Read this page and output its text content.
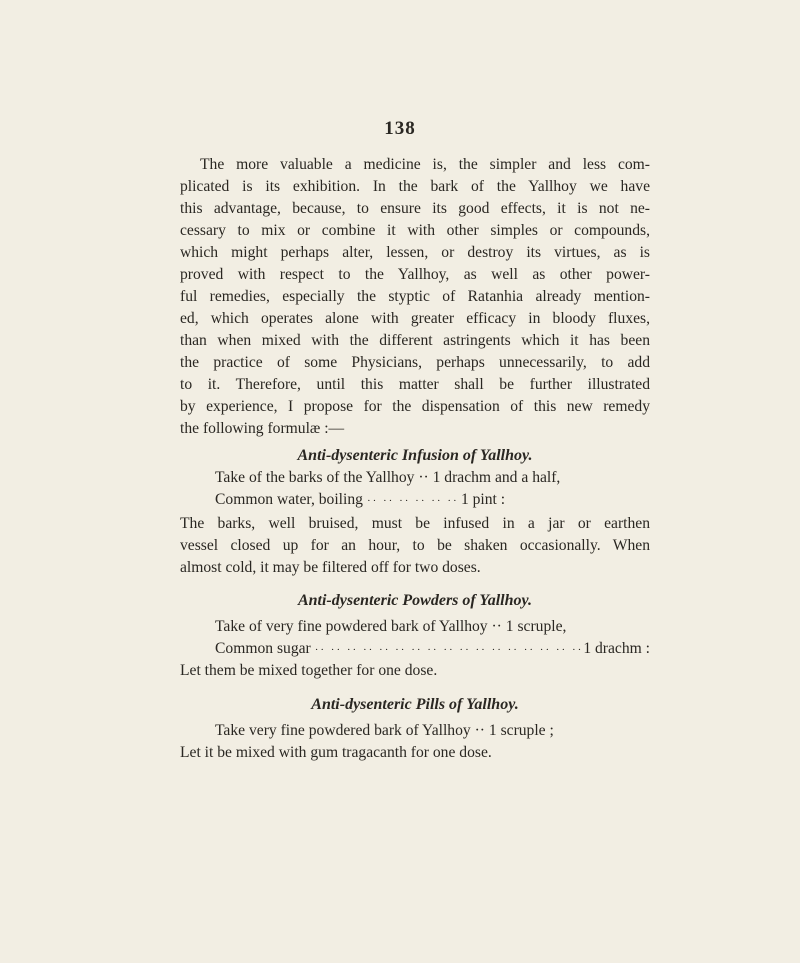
138
The more valuable a medicine is, the simpler and less com-
plicated is its exhibition. In the bark of the Yallhoy we have
this advantage, because, to ensure its good effects, it is not ne-
cessary to mix or combine it with other simples or compounds,
which might perhaps alter, lessen, or destroy its virtues, as is
proved with respect to the Yallhoy, as well as other power-
ful remedies, especially the styptic of Ratanhia already mention-
ed, which operates alone with greater efficacy in bloody fluxes,
than when mixed with the different astringents which it has been
the practice of some Physicians, perhaps unnecessarily, to add
to it. Therefore, until this matter shall be further illustrated
by experience, I propose for the dispensation of this new remedy
the following formulæ :—
Anti-dysenteric Infusion of Yallhoy.
Take of the barks of the Yallhoy ·· 1 drachm and a half,
Common water, boiling ·· ··	1 pint :
The barks, well bruised, must be infused in a jar or earthen
vessel closed up for an hour, to be shaken occasionally. When
almost cold, it may be filtered off for two doses.
Anti-dysenteric Powders of Yallhoy.
Take of very fine powdered bark of Yallhoy ·· 1 scruple,
Common sugar ·· ··	1 drachm :
Let them be mixed together for one dose.
Anti-dysenteric Pills of Yallhoy.
Take very fine powdered bark of Yallhoy ·· 1 scruple ;
Let it be mixed with gum tragacanth for one dose.
